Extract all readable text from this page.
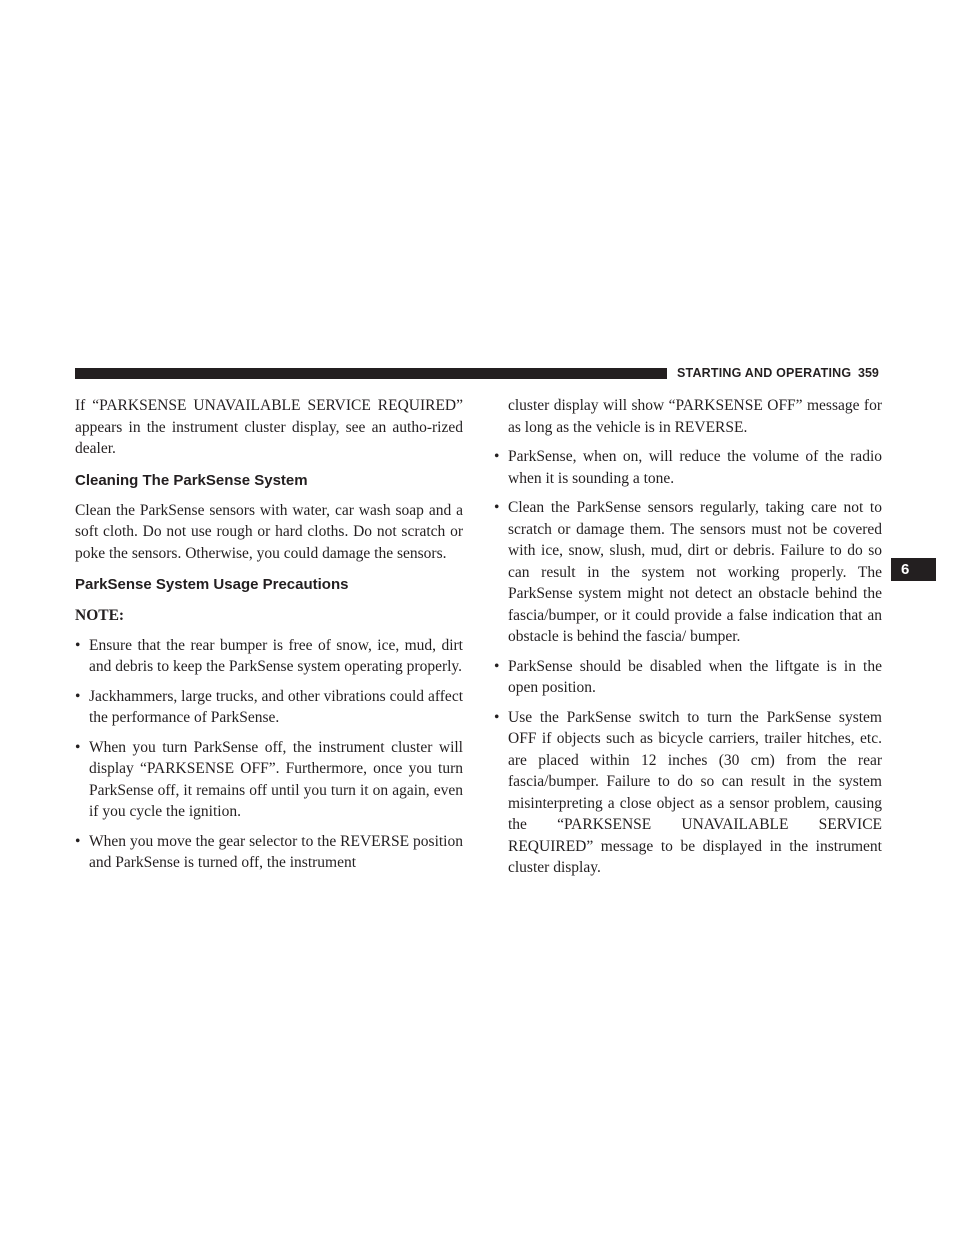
STARTING AND OPERATING 359
6

If “PARKSENSE UNAVAILABLE SERVICE REQUIRED” appears in the instrument cluster display, see an autho-rized dealer.

Cleaning The ParkSense System

Clean the ParkSense sensors with water, car wash soap and a soft cloth. Do not use rough or hard cloths. Do not scratch or poke the sensors. Otherwise, you could damage the sensors.

ParkSense System Usage Precautions

NOTE:

• Ensure that the rear bumper is free of snow, ice, mud, dirt and debris to keep the ParkSense system operating properly.

• Jackhammers, large trucks, and other vibrations could affect the performance of ParkSense.

• When you turn ParkSense off, the instrument cluster will display “PARKSENSE OFF”. Furthermore, once you turn ParkSense off, it remains off until you turn it on again, even if you cycle the ignition.

• When you move the gear selector to the REVERSE position and ParkSense is turned off, the instrument

cluster display will show “PARKSENSE OFF” message for as long as the vehicle is in REVERSE.

• ParkSense, when on, will reduce the volume of the radio when it is sounding a tone.

• Clean the ParkSense sensors regularly, taking care not to scratch or damage them. The sensors must not be covered with ice, snow, slush, mud, dirt or debris. Failure to do so can result in the system not working properly. The ParkSense system might not detect an obstacle behind the fascia/bumper, or it could provide a false indication that an obstacle is behind the fascia/ bumper.

• ParkSense should be disabled when the liftgate is in the open position.

• Use the ParkSense switch to turn the ParkSense system OFF if objects such as bicycle carriers, trailer hitches, etc. are placed within 12 inches (30 cm) from the rear fascia/bumper. Failure to do so can result in the system misinterpreting a close object as a sensor problem, causing the “PARKSENSE UNAVAILABLE SERVICE REQUIRED” message to be displayed in the instrument cluster display.
